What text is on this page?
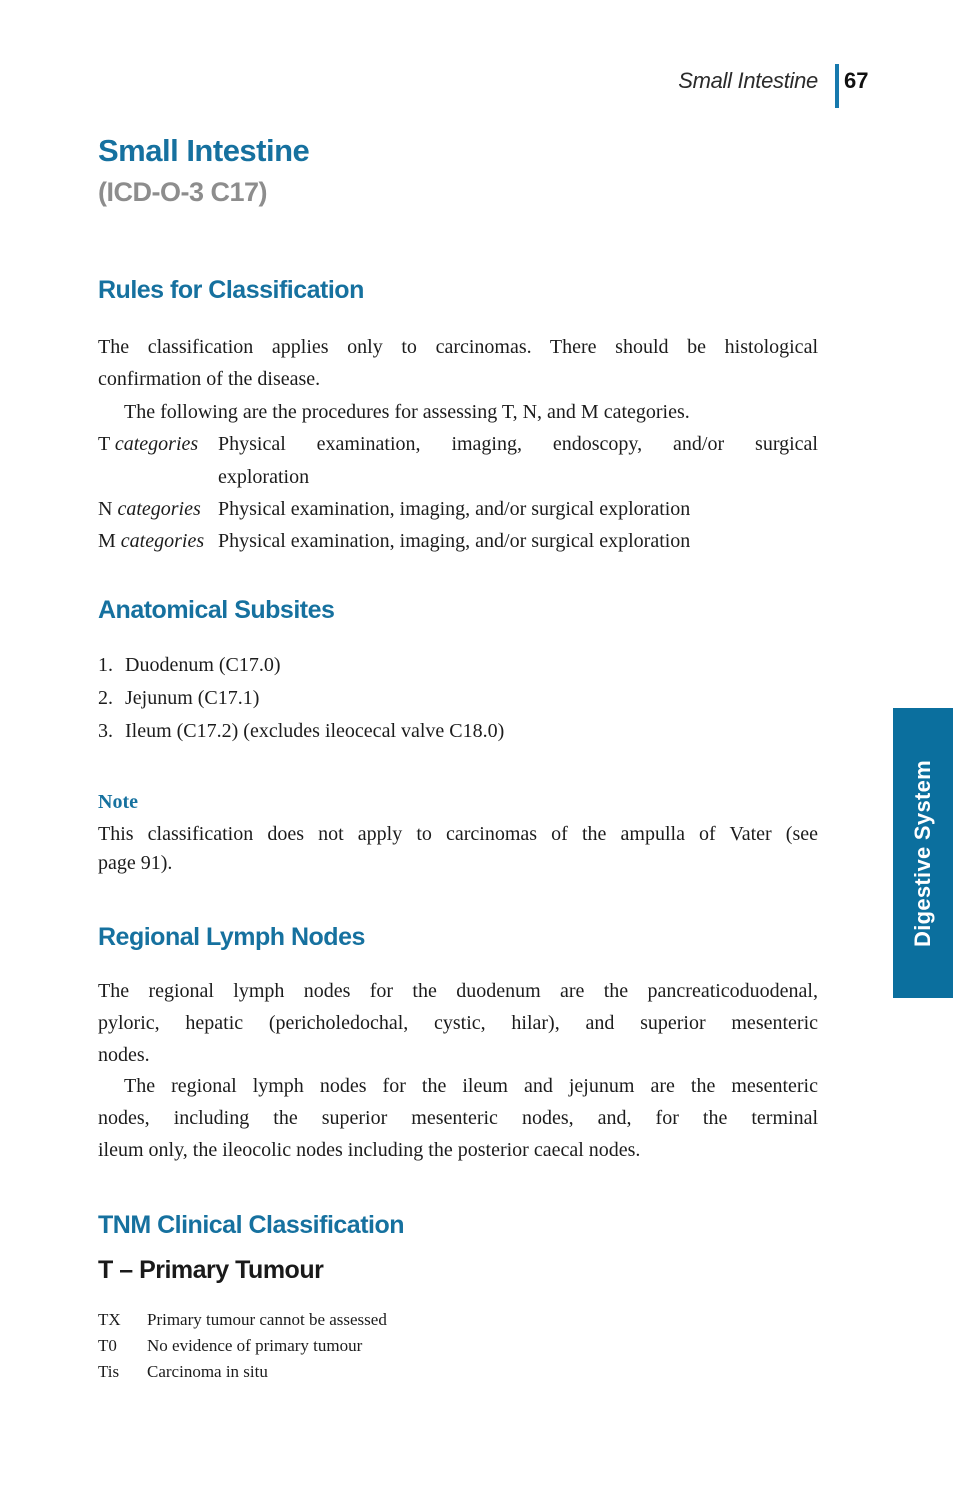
Small Intestine 67
Small Intestine
(ICD-O-3 C17)
Rules for Classification
The classification applies only to carcinomas. There should be histological
confirmation of the disease.
The following are the procedures for assessing T, N, and M categories.
T categories Physical examination, imaging, endoscopy, and/or surgical
exploration
N categories Physical examination, imaging, and/or surgical exploration
M categories Physical examination, imaging, and/or surgical exploration
Anatomical Subsites
1. Duodenum (C17.0)
2. Jejunum (C17.1)
3. Ileum (C17.2) (excludes ileocecal valve C18.0)
Note
This classification does not apply to carcinomas of the ampulla of Vater (see
page 91).
Regional Lymph Nodes
The regional lymph nodes for the duodenum are the pancreaticoduodenal,
pyloric, hepatic (pericholedochal, cystic, hilar), and superior mesenteric
nodes.
The regional lymph nodes for the ileum and jejunum are the mesenteric
nodes, including the superior mesenteric nodes, and, for the terminal
ileum only, the ileocolic nodes including the posterior caecal nodes.
TNM Clinical Classification
T – Primary Tumour
TX	Primary tumour cannot be assessed
T0	No evidence of primary tumour
Tis	Carcinoma in situ
Digestive System
